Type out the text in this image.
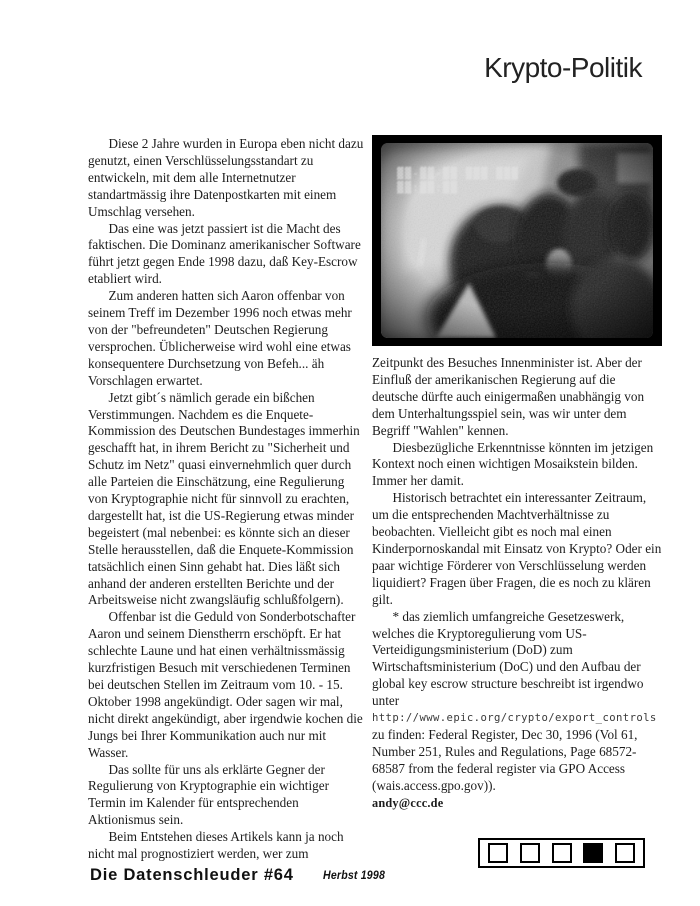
Krypto-Politik

Diese 2 Jahre wurden in Europa eben nicht dazu genutzt, einen Verschlüsselungsstandart zu entwickeln, mit dem alle Internetnutzer standartmässig ihre Datenpostkarten mit einem Umschlag versehen.

Das eine was jetzt passiert ist die Macht des faktischen. Die Dominanz amerikanischer Software führt jetzt gegen Ende 1998 dazu, daß Key-Escrow etabliert wird.

Zum anderen hatten sich Aaron offenbar von seinem Treff im Dezember 1996 noch etwas mehr von der "befreundeten" Deutschen Regierung versprochen. Üblicherweise wird wohl eine etwas konsequentere Durchsetzung von Befeh... äh Vorschlagen erwartet.

Jetzt gibt´s nämlich gerade ein bißchen Verstimmungen. Nachdem es die Enquete-Kommission des Deutschen Bundestages immerhin geschafft hat, in ihrem Bericht zu "Sicherheit und Schutz im Netz" quasi einvernehmlich quer durch alle Parteien die Einschätzung, eine Regulierung von Kryptographie nicht für sinnvoll zu erachten, dargestellt hat, ist die US-Regierung etwas minder begeistert (mal nebenbei: es könnte sich an dieser Stelle herausstellen, daß die Enquete-Kommission tatsächlich einen Sinn gehabt hat. Dies läßt sich anhand der anderen erstellten Berichte und der Arbeitsweise nicht zwangsläufig schlußfolgern).

Offenbar ist die Geduld von Sonderbotschafter Aaron und seinem Dienstherrn erschöpft. Er hat schlechte Laune und hat einen verhältnissmässig kurzfristigen Besuch mit verschiedenen Terminen bei deutschen Stellen im Zeitraum vom 10. - 15. Oktober 1998 angekündigt. Oder sagen wir mal, nicht direkt angekündigt, aber irgendwie kochen die Jungs bei Ihrer Kommunikation auch nur mit Wasser.

Das sollte für uns als erklärte Gegner der Regulierung von Kryptographie ein wichtiger Termin im Kalender für entsprechenden Aktionismus sein.

Beim Entstehen dieses Artikels kann ja noch nicht mal prognostiziert werden, wer zum

▓▓-▓▓-▓▓ ▓▓▓ ▓▓▓
▓▓:▓▓:▓▓

Zeitpunkt des Besuches Innenminister ist. Aber der Einfluß der amerikanischen Regierung auf die deutsche dürfte auch einigermaßen unabhängig von dem Unterhaltungsspiel sein, was wir unter dem Begriff "Wahlen" kennen.

Diesbezügliche Erkenntnisse könnten im jetzigen Kontext noch einen wichtigen Mosaikstein bilden. Immer her damit.

Historisch betrachtet ein interessanter Zeitraum, um die entsprechenden Machtverhältnisse zu beobachten. Vielleicht gibt es noch mal einen Kinderpornoskandal mit Einsatz von Krypto? Oder ein paar wichtige Förderer von Verschlüsselung werden liquidiert? Fragen über Fragen, die es noch zu klären gilt.

* das ziemlich umfangreiche Gesetzeswerk, welches die Kryptoregulierung vom US-Verteidigungsministerium (DoD) zum Wirtschaftsministerium (DoC) und den Aufbau der global key escrow structure beschreibt ist irgendwo unter
http://www.epic.org/crypto/export_controls
zu finden: Federal Register, Dec 30, 1996 (Vol 61, Number 251, Rules and Regulations, Page 68572-68587 from the federal register via GPO Access (wais.access.gpo.gov)).

andy@ccc.de

Die Datenschleuder #64	Herbst 1998
